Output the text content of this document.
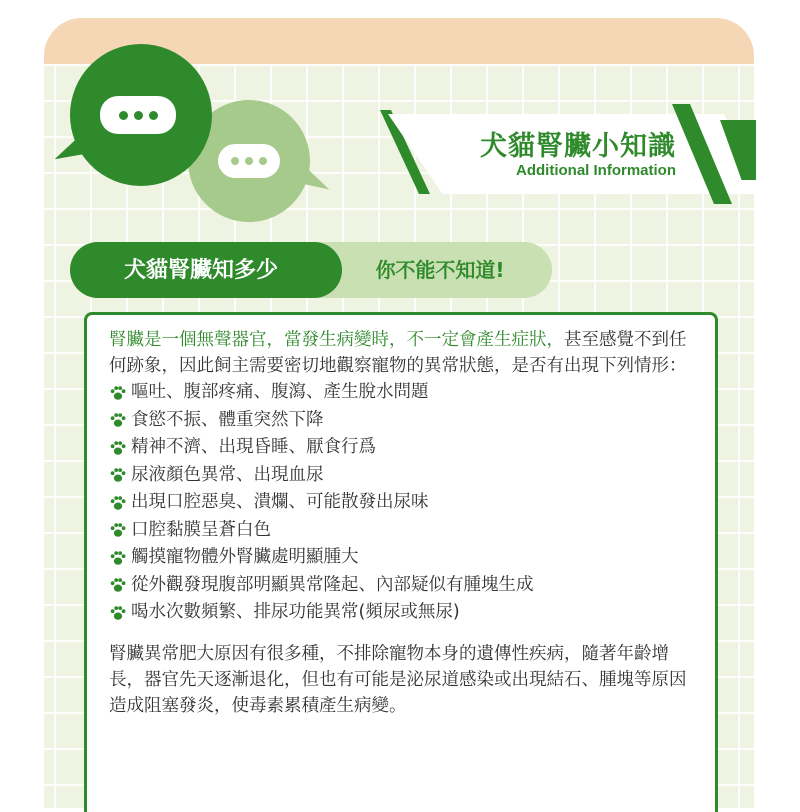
犬貓腎臟小知識
Additional Information
犬貓腎臟知多少	你不能不知道!

腎臟是一個無聲器官，當發生病變時，不一定會產生症狀，甚至感覺不到任何跡象，因此飼主需要密切地觀察寵物的異常狀態，是否有出現下列情形：

嘔吐、腹部疼痛、腹瀉、產生脫水問題
食慾不振、體重突然下降
精神不濟、出現昏睡、厭食行爲
尿液顏色異常、出現血尿
出現口腔惡臭、潰爛、可能散發出尿味
口腔黏膜呈蒼白色
觸摸寵物體外腎臟處明顯腫大
從外觀發現腹部明顯異常隆起、內部疑似有腫塊生成
喝水次數頻繁、排尿功能異常(頻尿或無尿)

腎臟異常肥大原因有很多種，不排除寵物本身的遺傳性疾病，隨著年齡增長，器官先天逐漸退化，但也有可能是泌尿道感染或出現結石、腫塊等原因造成阻塞發炎，使毒素累積產生病變。
